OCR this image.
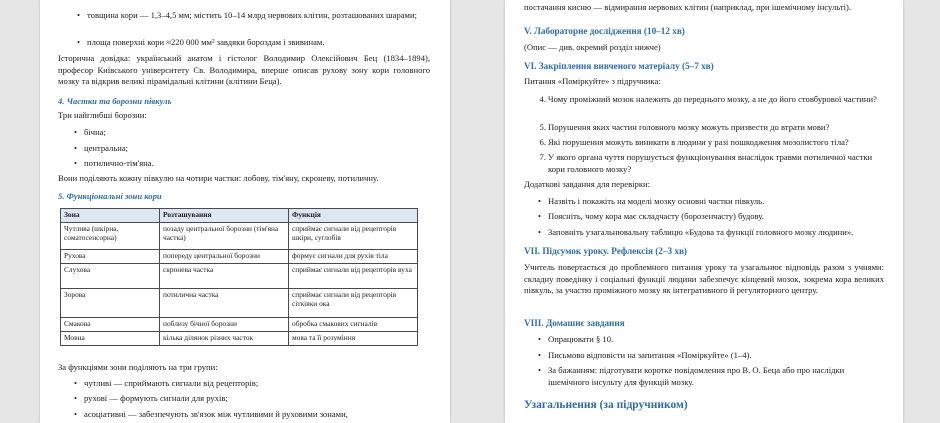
• товщина кори — 1,3–4,5 мм; містить 10–14 млрд нервових клітин, розташованих шарами;
• площа поверхні кори ≈220 000 мм² завдяки бороздам і звивинам.

Історична довідка: український анатом і гістолог Володимир Олексійович Бец (1834–1894), професор Київського університету Св. Володимира, вперше описав рухову зону кори головного мозку та відкрив великі пірамідальні клітини (клітини Беца).

4. Частки та борозни півкуль

Три найглибші борозни:

• бічна;
• центральна;
• потилично-тім'яна.

Вони поділяють кожну півкулю на чотири частки: лобову, тім'яну, скроневу, потиличну.

5. Функціональні зони кори
Зона	Розташування	Функція
Чутлива (шкірна, соматосенсорна)	позаду центральної борозни (тім'яна частка)	сприймає сигнали від рецепторів шкіри, суглобів
Рухова	попереду центральної борозни	формує сигнали для рухів тіла
Слухова	скронева частка	сприймає сигнали від рецепторів вуха
Зорова	потилична частка	сприймає сигнали від рецепторів сітківки ока
Смакова	поблизу бічної борозни	обробка смакових сигналів
Мовна	кілька ділянок різних часток	мова та її розуміння

За функціями зони поділяють на три групи:

• чутливі — сприймають сигнали від рецепторів;
• рухові — формують сигнали для рухів;
• асоціативні — забезпечують зв'язок між чутливими й руховими зонами,

постачання кисню — відмирання нервових клітин (наприклад, при ішемічному інсульті).

V. Лабораторне дослідження (10–12 хв)

(Опис — див. окремий розділ нижче)

VI. Закріплення вивченого матеріалу (5–7 хв)

Питання «Поміркуйте» з підручника:

4. Чому проміжний мозок належить до переднього мозку, а не до його стовбурової частини?
5. Порушення яких частин головного мозку можуть призвести до втрати мови?
6. Які порушення можуть виникати в людини у разі пошкодження мозолистого тіла?
7. У якого органа чуття порушується функціонування внаслідок травми потиличної частки кори головного мозку?

Додаткові завдання для перевірки:

• Назвіть і покажіть на моделі мозку основні частки півкуль.
• Поясніть, чому кора має складчасту (борозенчасту) будову.
• Заповніть узагальнювальну таблицю «Будова та функції головного мозку людини».
VII. Підсумок уроку. Рефлексія (2–3 хв)

Учитель повертається до проблемного питання уроку та узагальнює відповідь разом з учнями: складну поведінку і соціальні функції людини забезпечує кінцевий мозок, зокрема кора великих півкуль, за участю проміжного мозку як інтегративного й регуляторного центру.

VIII. Домашнє завдання
• Опрацювати § 10.
• Письмово відповісти на запитання «Поміркуйте» (1–4).
• За бажанням: підготувати коротке повідомлення про В. О. Беца або про наслідки ішемічного інсульту для функцій мозку.
Узагальнення (за підручником)
